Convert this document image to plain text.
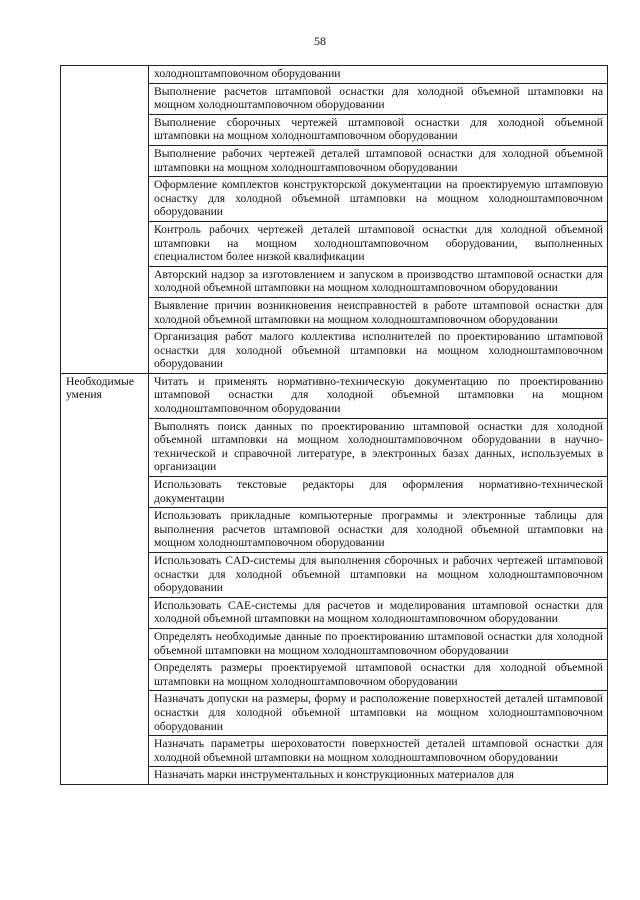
58
	холодноштамповочном оборудовании
	Выполнение расчетов штамповой оснастки для холодной объемной штамповки на мощном холодноштамповочном оборудовании
	Выполнение сборочных чертежей штамповой оснастки для холодной объемной штамповки на мощном холодноштамповочном оборудовании
	Выполнение рабочих чертежей деталей штамповой оснастки для холодной объемной штамповки на мощном холодноштамповочном оборудовании
	Оформление комплектов конструкторской документации на проектируемую штамповую оснастку для холодной объемной штамповки на мощном холодноштамповочном оборудовании
	Контроль рабочих чертежей деталей штамповой оснастки для холодной объемной штамповки на мощном холодноштамповочном оборудовании, выполненных специалистом более низкой квалификации
	Авторский надзор за изготовлением и запуском в производство штамповой оснастки для холодной объемной штамповки на мощном холодноштамповочном оборудовании
	Выявление причин возникновения неисправностей в работе штамповой оснастки для холодной объемной штамповки на мощном холодноштамповочном оборудовании
	Организация работ малого коллектива исполнителей по проектированию штамповой оснастки для холодной объемной штамповки на мощном холодноштамповочном оборудовании
Необходимые умения	Читать и применять нормативно-техническую документацию по проектированию штамповой оснастки для холодной объемной штамповки на мощном холодноштамповочном оборудовании
	Выполнять поиск данных по проектированию штамповой оснастки для холодной объемной штамповки на мощном холодноштамповочном оборудовании в научно-технической и справочной литературе, в электронных базах данных, используемых в организации
	Использовать текстовые редакторы для оформления нормативно-технической документации
	Использовать прикладные компьютерные программы и электронные таблицы для выполнения расчетов штамповой оснастки для холодной объемной штамповки на мощном холодноштамповочном оборудовании
	Использовать CAD-системы для выполнения сборочных и рабочих чертежей штамповой оснастки для холодной объемной штамповки на мощном холодноштамповочном оборудовании
	Использовать CAE-системы для расчетов и моделирования штамповой оснастки для холодной объемной штамповки на мощном холодноштамповочном оборудовании
	Определять необходимые данные по проектированию штамповой оснастки для холодной объемной штамповки на мощном холодноштамповочном оборудовании
	Определять размеры проектируемой штамповой оснастки для холодной объемной штамповки на мощном холодноштамповочном оборудовании
	Назначать допуски на размеры, форму и расположение поверхностей деталей штамповой оснастки для холодной объемной штамповки на мощном холодноштамповочном оборудовании
	Назначать параметры шероховатости поверхностей деталей штамповой оснастки для холодной объемной штамповки на мощном холодноштамповочном оборудовании
	Назначать марки инструментальных и конструкционных материалов для
